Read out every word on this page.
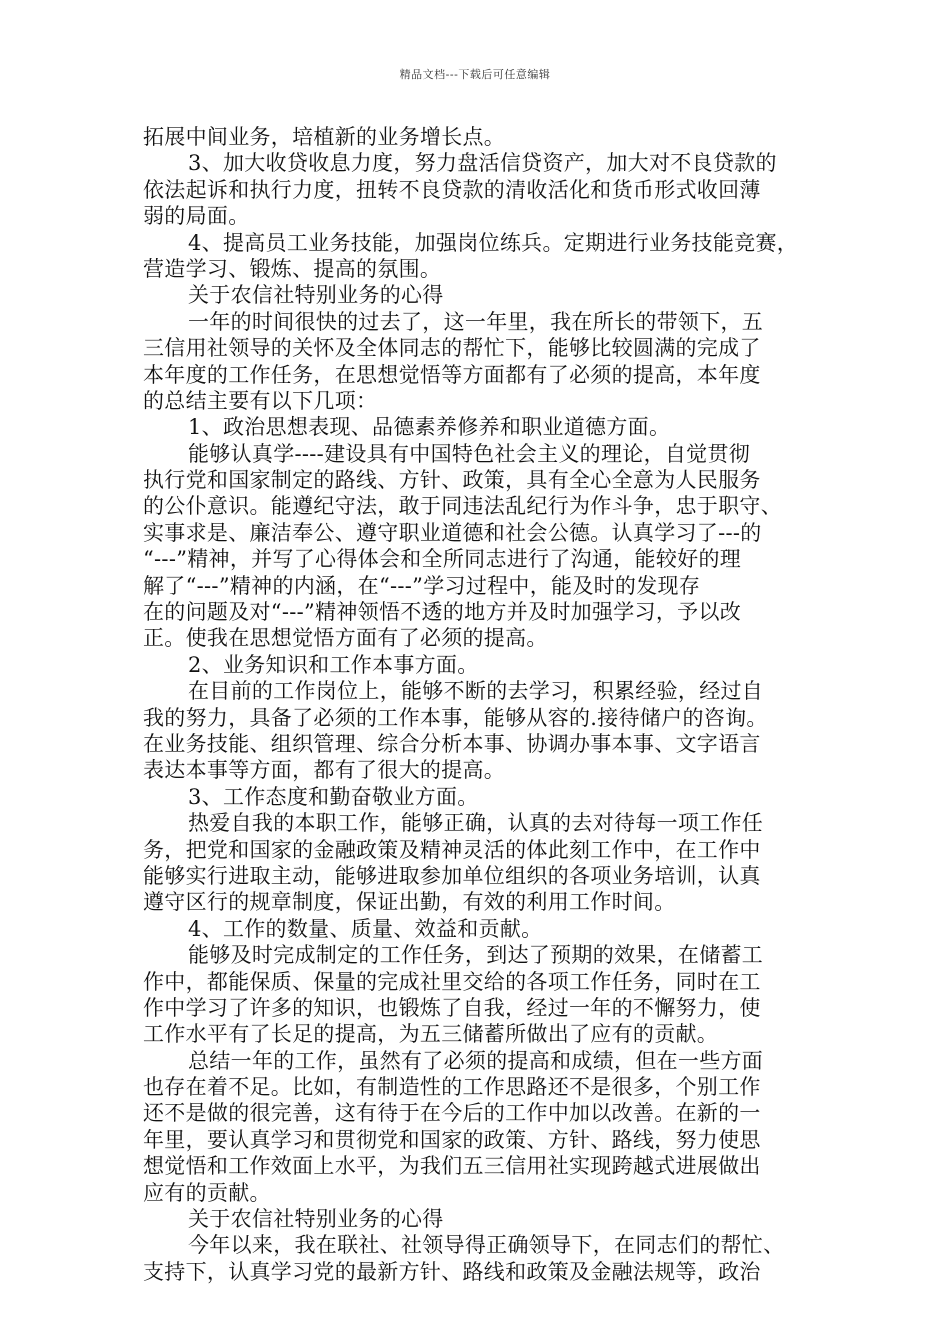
精品文档---下载后可任意编辑
拓展中间业务，培植新的业务增长点。
3、加大收贷收息力度，努力盘活信贷资产，加大对不良贷款的
依法起诉和执行力度，扭转不良贷款的清收活化和货币形式收回薄
弱的局面。
4、提高员工业务技能，加强岗位练兵。定期进行业务技能竞赛，
营造学习、锻炼、提高的氛围。
关于农信社特别业务的心得
一年的时间很快的过去了，这一年里，我在所长的带领下，五
三信用社领导的关怀及全体同志的帮忙下，能够比较圆满的完成了
本年度的工作任务，在思想觉悟等方面都有了必须的提高，本年度
的总结主要有以下几项：
1、政治思想表现、品德素养修养和职业道德方面。
能够认真学----建设具有中国特色社会主义的理论，自觉贯彻
执行党和国家制定的路线、方针、政策，具有全心全意为人民服务
的公仆意识。能遵纪守法，敢于同违法乱纪行为作斗争，忠于职守、
实事求是、廉洁奉公、遵守职业道德和社会公德。认真学习了---的
“---”精神，并写了心得体会和全所同志进行了沟通，能较好的理
解了“---”精神的内涵，在“---”学习过程中，能及时的发现存
在的问题及对“---”精神领悟不透的地方并及时加强学习，予以改
正。使我在思想觉悟方面有了必须的提高。
2、业务知识和工作本事方面。
在目前的工作岗位上，能够不断的去学习，积累经验，经过自
我的努力，具备了必须的工作本事，能够从容的.接待储户的咨询。
在业务技能、组织管理、综合分析本事、协调办事本事、文字语言
表达本事等方面，都有了很大的提高。
3、工作态度和勤奋敬业方面。
热爱自我的本职工作，能够正确，认真的去对待每一项工作任
务，把党和国家的金融政策及精神灵活的体此刻工作中，在工作中
能够实行进取主动，能够进取参加单位组织的各项业务培训，认真
遵守区行的规章制度，保证出勤，有效的利用工作时间。
4、工作的数量、质量、效益和贡献。
能够及时完成制定的工作任务，到达了预期的效果，在储蓄工
作中，都能保质、保量的完成社里交给的各项工作任务，同时在工
作中学习了许多的知识，也锻炼了自我，经过一年的不懈努力，使
工作水平有了长足的提高，为五三储蓄所做出了应有的贡献。
总结一年的工作，虽然有了必须的提高和成绩，但在一些方面
也存在着不足。比如，有制造性的工作思路还不是很多，个别工作
还不是做的很完善，这有待于在今后的工作中加以改善。在新的一
年里，要认真学习和贯彻党和国家的政策、方针、路线，努力使思
想觉悟和工作效面上水平，为我们五三信用社实现跨越式进展做出
应有的贡献。
关于农信社特别业务的心得
今年以来，我在联社、社领导得正确领导下，在同志们的帮忙、
支持下，认真学习党的最新方针、路线和政策及金融法规等，政治
